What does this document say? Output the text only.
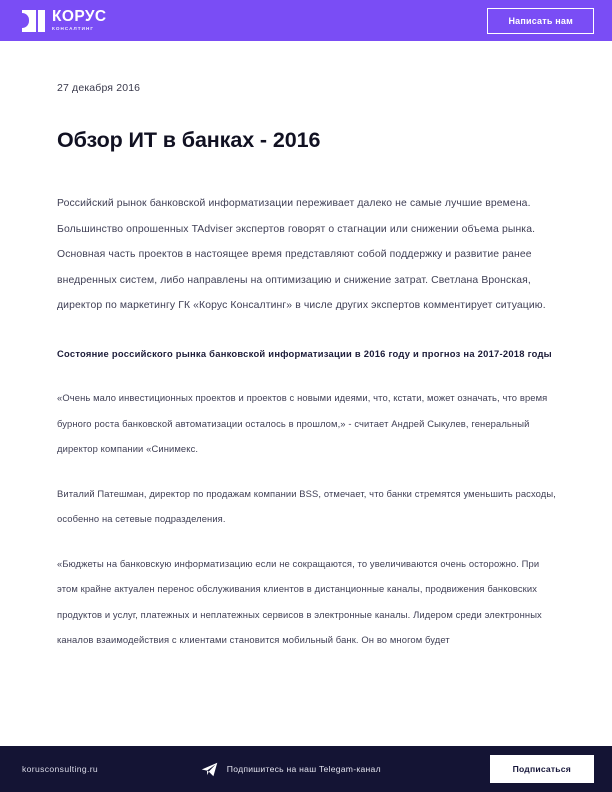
КОРУС
КОНСАЛТИНГ
Написать нам
27 декабря 2016
Обзор ИТ в банках - 2016

Российский рынок банковской информатизации переживает далеко не самые лучшие времена. Большинство опрошенных TAdviser экспертов говорят о стагнации или снижении объема рынка. Основная часть проектов в настоящее время представляют собой поддержку и развитие ранее внедренных систем, либо направлены на оптимизацию и снижение затрат. Светлана Вронская, директор по маркетингу ГК «Корус Консалтинг» в числе других экспертов комментирует ситуацию.

Состояние российского рынка банковской информатизации в 2016 году и прогноз на 2017-2018 годы

«Очень мало инвестиционных проектов и проектов с новыми идеями, что, кстати, может означать, что время бурного роста банковской автоматизации осталось в прошлом,» - считает Андрей Сыкулев, генеральный директор компании «Синимекс.

Виталий Патешман, директор по продажам компании BSS, отмечает, что банки стремятся уменьшить расходы, особенно на сетевые подразделения.

«Бюджеты на банковскую информатизацию если не сокращаются, то увеличиваются очень осторожно. При этом крайне актуален перенос обслуживания клиентов в дистанционные каналы, продвижения банковских продуктов и услуг, платежных и неплатежных сервисов в электронные каналы. Лидером среди электронных каналов взаимодействия с клиентами становится мобильный банк. Он во многом будет

korusconsulting.ru	Подпишитесь на наш Telegam-канал	Подписаться
